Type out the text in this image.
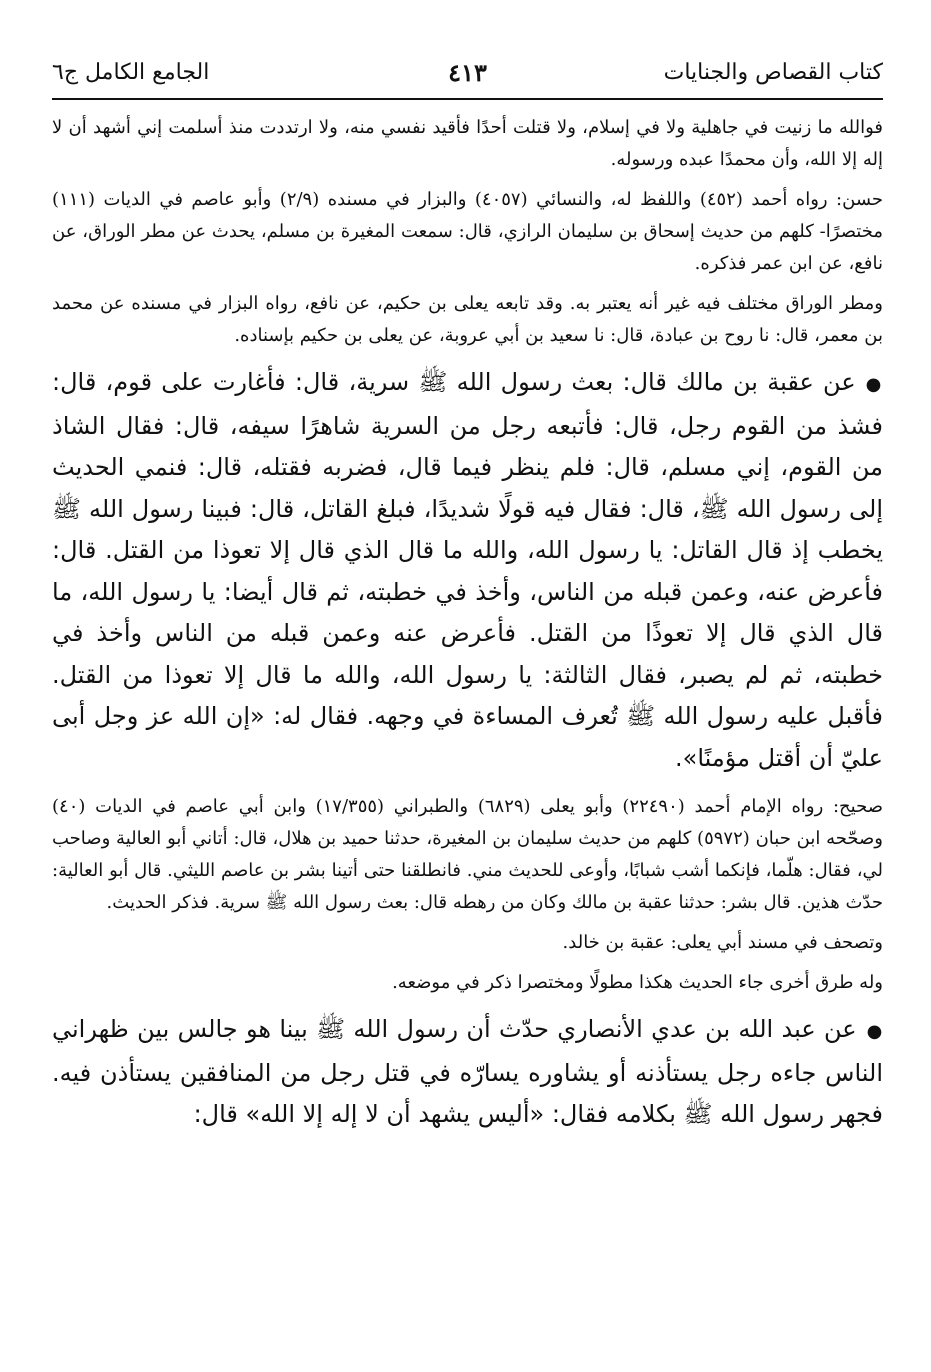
كتاب القصاص والجنايات
٤١٣
الجامع الكامل ج٦

فوالله ما زنيت في جاهلية ولا في إسلام، ولا قتلت أحدًا فأقيد نفسي منه، ولا ارتددت منذ أسلمت إني أشهد أن لا إله إلا الله، وأن محمدًا عبده ورسوله.

حسن: رواه أحمد (٤٥٢) واللفظ له، والنسائي (٤٠٥٧) والبزار في مسنده (٢/٩) وأبو عاصم في الديات (١١١) مختصرًا- كلهم من حديث إسحاق بن سليمان الرازي، قال: سمعت المغيرة بن مسلم، يحدث عن مطر الوراق، عن نافع، عن ابن عمر فذكره.

ومطر الوراق مختلف فيه غير أنه يعتبر به. وقد تابعه يعلى بن حكيم، عن نافع، رواه البزار في مسنده عن محمد بن معمر، قال: نا روح بن عبادة، قال: نا سعيد بن أبي عروبة، عن يعلى بن حكيم بإسناده.

●عن عقبة بن مالك قال: بعث رسول الله ﷺ سرية، قال: فأغارت على قوم، قال: فشذ من القوم رجل، قال: فأتبعه رجل من السرية شاهرًا سيفه، قال: فقال الشاذ من القوم، إني مسلم، قال: فلم ينظر فيما قال، فضربه فقتله، قال: فنمي الحديث إلى رسول الله ﷺ، قال: فقال فيه قولًا شديدًا، فبلغ القاتل، قال: فبينا رسول الله ﷺ يخطب إذ قال القاتل: يا رسول الله، والله ما قال الذي قال إلا تعوذا من القتل. قال: فأعرض عنه، وعمن قبله من الناس، وأخذ في خطبته، ثم قال أيضا: يا رسول الله، ما قال الذي قال إلا تعوذًا من القتل. فأعرض عنه وعمن قبله من الناس وأخذ في خطبته، ثم لم يصبر، فقال الثالثة: يا رسول الله، والله ما قال إلا تعوذا من القتل. فأقبل عليه رسول الله ﷺ تُعرف المساءة في وجهه. فقال له: «إن الله عز وجل أبى عليّ أن أقتل مؤمنًا».

صحيح: رواه الإمام أحمد (٢٢٤٩٠) وأبو يعلى (٦٨٢٩) والطبراني (١٧/٣٥٥) وابن أبي عاصم في الديات (٤٠) وصحّحه ابن حبان (٥٩٧٢) كلهم من حديث سليمان بن المغيرة، حدثنا حميد بن هلال، قال: أتاني أبو العالية وصاحب لي، فقال: هلّما، فإنكما أشب شبابًا، وأوعى للحديث مني. فانطلقنا حتى أتينا بشر بن عاصم الليثي. قال أبو العالية: حدّث هذين. قال بشر: حدثنا عقبة بن مالك وكان من رهطه قال: بعث رسول الله ﷺ سرية. فذكر الحديث.

وتصحف في مسند أبي يعلى: عقبة بن خالد.

وله طرق أخرى جاء الحديث هكذا مطولًا ومختصرا ذكر في موضعه.

●عن عبد الله بن عدي الأنصاري حدّث أن رسول الله ﷺ بينا هو جالس بين ظهراني الناس جاءه رجل يستأذنه أو يشاوره يسارّه في قتل رجل من المنافقين يستأذن فيه. فجهر رسول الله ﷺ بكلامه فقال: «أليس يشهد أن لا إله إلا الله» قال:
